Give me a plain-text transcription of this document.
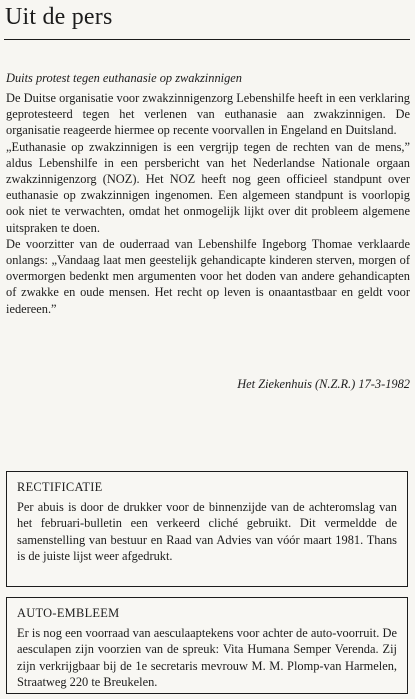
Uit de pers
Duits protest tegen euthanasie op zwakzinnigen

De Duitse organisatie voor zwakzinnigenzorg Lebenshilfe heeft in een verklaring geprotesteerd tegen het verlenen van euthanasie aan zwakzinnigen. De organisatie reageerde hiermee op recente voorvallen in Engeland en Duitsland.

„Euthanasie op zwakzinnigen is een vergrijp tegen de rechten van de mens,” aldus Lebenshilfe in een persbericht van het Nederlandse Nationale orgaan zwakzinnigenzorg (NOZ). Het NOZ heeft nog geen officieel standpunt over euthanasie op zwakzinnigen ingenomen. Een algemeen standpunt is voorlopig ook niet te verwachten, omdat het onmogelijk lijkt over dit probleem algemene uitspraken te doen.

De voorzitter van de ouderraad van Lebenshilfe Ingeborg Thomae verklaarde onlangs: „Vandaag laat men geestelijk gehandicapte kinderen sterven, morgen of overmorgen bedenkt men argumenten voor het doden van andere gehandicapten of zwakke en oude mensen. Het recht op leven is onaantastbaar en geldt voor iedereen.”

Het Ziekenhuis (N.Z.R.) 17-3-1982
RECTIFICATIE
Per abuis is door de drukker voor de binnenzijde van de achteromslag van het februari-bulletin een verkeerd cliché gebruikt. Dit vermeldde de samenstelling van bestuur en Raad van Advies van vóór maart 1981. Thans is de juiste lijst weer afgedrukt.
AUTO-EMBLEEM
Er is nog een voorraad van aesculaaptekens voor achter de auto-voorruit. De aesculapen zijn voorzien van de spreuk: Vita Humana Semper Verenda. Zij zijn verkrijgbaar bij de 1e secretaris mevrouw M. M. Plomp-van Harmelen, Straatweg 220 te Breukelen.
